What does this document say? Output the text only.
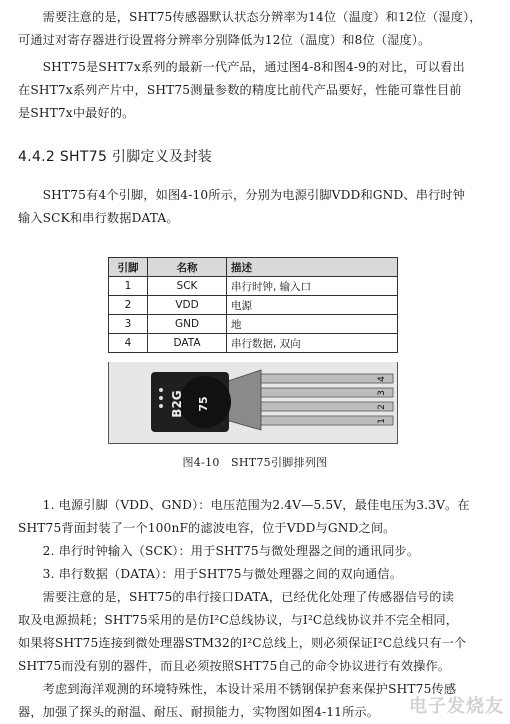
　　需要注意的是，SHT75传感器默认状态分辨率为14位（温度）和12位（湿度），
可通过对寄存器进行设置将分辨率分别降低为12位（温度）和8位（湿度）。

　　SHT75是SHT7x系列的最新一代产品，通过图4-8和图4-9的对比，可以看出
在SHT7x系列产片中，SHT75测量参数的精度比前代产品要好，性能可靠性目前
是SHT7x中最好的。

4.4.2 SHT75 引脚定义及封装

　　SHT75有4个引脚，如图4-10所示，分别为电源引脚VDD和GND、串行时钟
输入SCK和串行数据DATA。

引脚	名称	描述
1	SCK	串行时钟, 输入口
2	VDD	电源
3	GND	地
4	DATA	串行数据, 双向
B2G 75
4
3
2
1

图4-10　SHT75引脚排列图

　　1. 电源引脚（VDD、GND）：电压范围为2.4V—5.5V，最佳电压为3.3V。在
SHT75背面封装了一个100nF的滤波电容，位于VDD与GND之间。

　　2. 串行时钟输入（SCK）：用于SHT75与微处理器之间的通讯同步。

　　3. 串行数据（DATA）：用于SHT75与微处理器之间的双向通信。

　　需要注意的是，SHT75的串行接口DATA，已经优化处理了传感器信号的读
取及电源损耗；SHT75采用的是仿I²C总线协议，与I²C总线协议并不完全相同，
如果将SHT75连接到微处理器STM32的I²C总线上，则必须保证I²C总线只有一个
SHT75而没有别的器件，而且必须按照SHT75自己的命令协议进行有效操作。

　　考虑到海洋观测的环境特殊性，本设计采用不锈钢保护套来保护SHT75传感
器，加强了探头的耐温、耐压、耐损能力，实物图如图4-11所示。	电子发烧友
